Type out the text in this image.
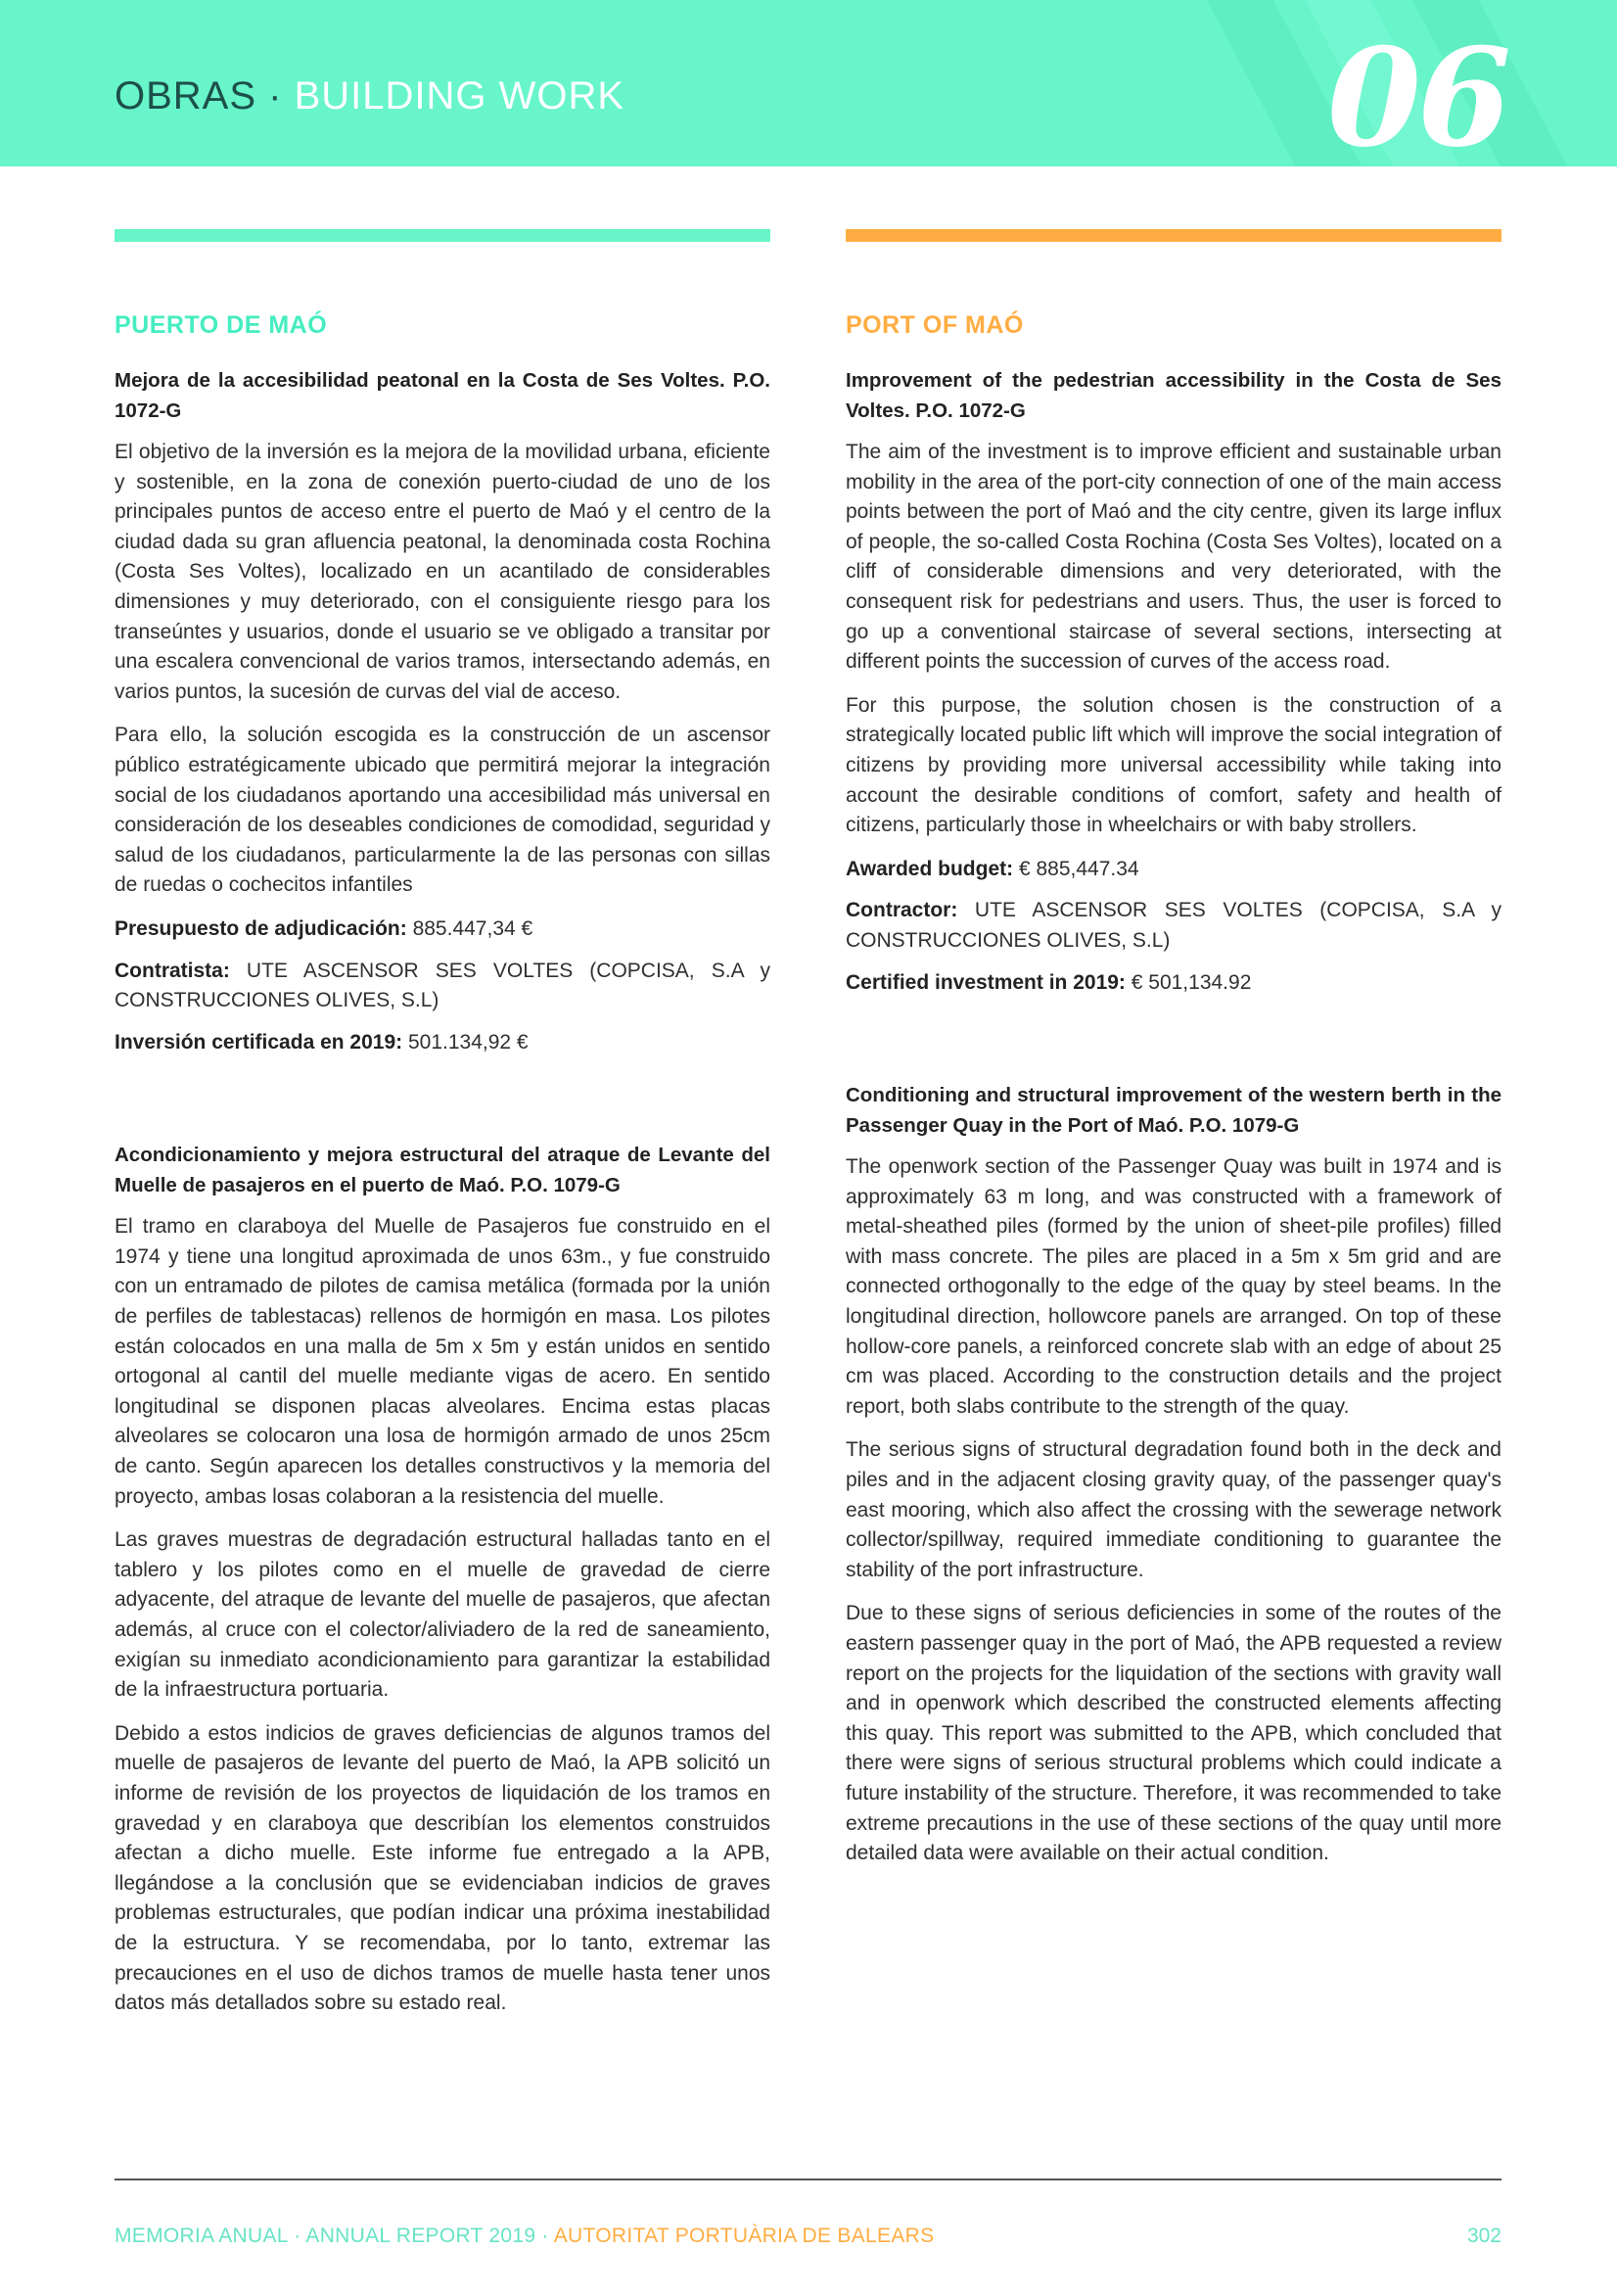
OBRAS · BUILDING WORK	06
PUERTO DE MAÓ
Mejora de la accesibilidad peatonal en la Costa de Ses Voltes. P.O. 1072-G

El objetivo de la inversión es la mejora de la movilidad urbana, eficiente y sostenible, en la zona de conexión puerto-ciudad de uno de los principales puntos de acceso entre el puerto de Maó y el centro de la ciudad dada su gran afluencia peatonal, la denominada costa Rochina (Costa Ses Voltes), localizado en un acantilado de considerables dimensiones y muy deteriorado, con el consiguiente riesgo para los transeúntes y usuarios, donde el usuario se ve obligado a transitar por una escalera convencional de varios tramos, intersectando además, en varios puntos, la sucesión de curvas del vial de acceso.

Para ello, la solución escogida es la construcción de un ascensor público estratégicamente ubicado que permitirá mejorar la integración social de los ciudadanos aportando una accesibilidad más universal en consideración de los deseables condiciones de comodidad, seguridad y salud de los ciudadanos, particularmente la de las personas con sillas de ruedas o cochecitos infantiles

Presupuesto de adjudicación: 885.447,34 €

Contratista: UTE ASCENSOR SES VOLTES (COPCISA, S.A y CONSTRUCCIONES OLIVES, S.L)

Inversión certificada en 2019: 501.134,92 €

Acondicionamiento y mejora estructural del atraque de Levante del Muelle de pasajeros en el puerto de Maó. P.O. 1079-G

El tramo en claraboya del Muelle de Pasajeros fue construido en el 1974 y tiene una longitud aproximada de unos 63m., y fue construido con un entramado de pilotes de camisa metálica (formada por la unión de perfiles de tablestacas) rellenos de hormigón en masa. Los pilotes están colocados en una malla de 5m x 5m y están unidos en sentido ortogonal al cantil del muelle mediante vigas de acero. En sentido longitudinal se disponen placas alveolares. Encima estas placas alveolares se colocaron una losa de hormigón armado de unos 25cm de canto. Según aparecen los detalles constructivos y la memoria del proyecto, ambas losas colaboran a la resistencia del muelle.

Las graves muestras de degradación estructural halladas tanto en el tablero y los pilotes como en el muelle de gravedad de cierre adyacente, del atraque de levante del muelle de pasajeros, que afectan además, al cruce con el colector/aliviadero de la red de saneamiento, exigían su inmediato acondicionamiento para garantizar la estabilidad de la infraestructura portuaria.

Debido a estos indicios de graves deficiencias de algunos tramos del muelle de pasajeros de levante del puerto de Maó, la APB solicitó un informe de revisión de los proyectos de liquidación de los tramos en gravedad y en claraboya que describían los elementos construidos afectan a dicho muelle. Este informe fue entregado a la APB, llegándose a la conclusión que se evidenciaban indicios de graves problemas estructurales, que podían indicar una próxima inestabilidad de la estructura. Y se recomendaba, por lo tanto, extremar las precauciones en el uso de dichos tramos de muelle hasta tener unos datos más detallados sobre su estado real.

PORT OF MAÓ
Improvement of the pedestrian accessibility in the Costa de Ses Voltes. P.O. 1072-G

The aim of the investment is to improve efficient and sustainable urban mobility in the area of the port-city connection of one of the main access points between the port of Maó and the city centre, given its large influx of people, the so-called Costa Rochina (Costa Ses Voltes), located on a cliff of considerable dimensions and very deteriorated, with the consequent risk for pedestrians and users. Thus, the user is forced to go up a conventional staircase of several sections, intersecting at different points the succession of curves of the access road.

For this purpose, the solution chosen is the construction of a strategically located public lift which will improve the social integration of citizens by providing more universal accessibility while taking into account the desirable conditions of comfort, safety and health of citizens, particularly those in wheelchairs or with baby strollers.

Awarded budget: € 885,447.34

Contractor: UTE ASCENSOR SES VOLTES (COPCISA, S.A y CONSTRUCCIONES OLIVES, S.L)

Certified investment in 2019: € 501,134.92

Conditioning and structural improvement of the western berth in the Passenger Quay in the Port of Maó. P.O. 1079-G

The openwork section of the Passenger Quay was built in 1974 and is approximately 63 m long, and was constructed with a framework of metal-sheathed piles (formed by the union of sheet-pile profiles) filled with mass concrete. The piles are placed in a 5m x 5m grid and are connected orthogonally to the edge of the quay by steel beams. In the longitudinal direction, hollowcore panels are arranged. On top of these hollow-core panels, a reinforced concrete slab with an edge of about 25 cm was placed. According to the construction details and the project report, both slabs contribute to the strength of the quay.

The serious signs of structural degradation found both in the deck and piles and in the adjacent closing gravity quay, of the passenger quay's east mooring, which also affect the crossing with the sewerage network collector/spillway, required immediate conditioning to guarantee the stability of the port infrastructure.

Due to these signs of serious deficiencies in some of the routes of the eastern passenger quay in the port of Maó, the APB requested a review report on the projects for the liquidation of the sections with gravity wall and in openwork which described the constructed elements affecting this quay. This report was submitted to the APB, which concluded that there were signs of serious structural problems which could indicate a future instability of the structure. Therefore, it was recommended to take extreme precautions in the use of these sections of the quay until more detailed data were available on their actual condition.

MEMORIA ANUAL · ANNUAL REPORT 2019 · AUTORITAT PORTUÀRIA DE BALEARS	302
